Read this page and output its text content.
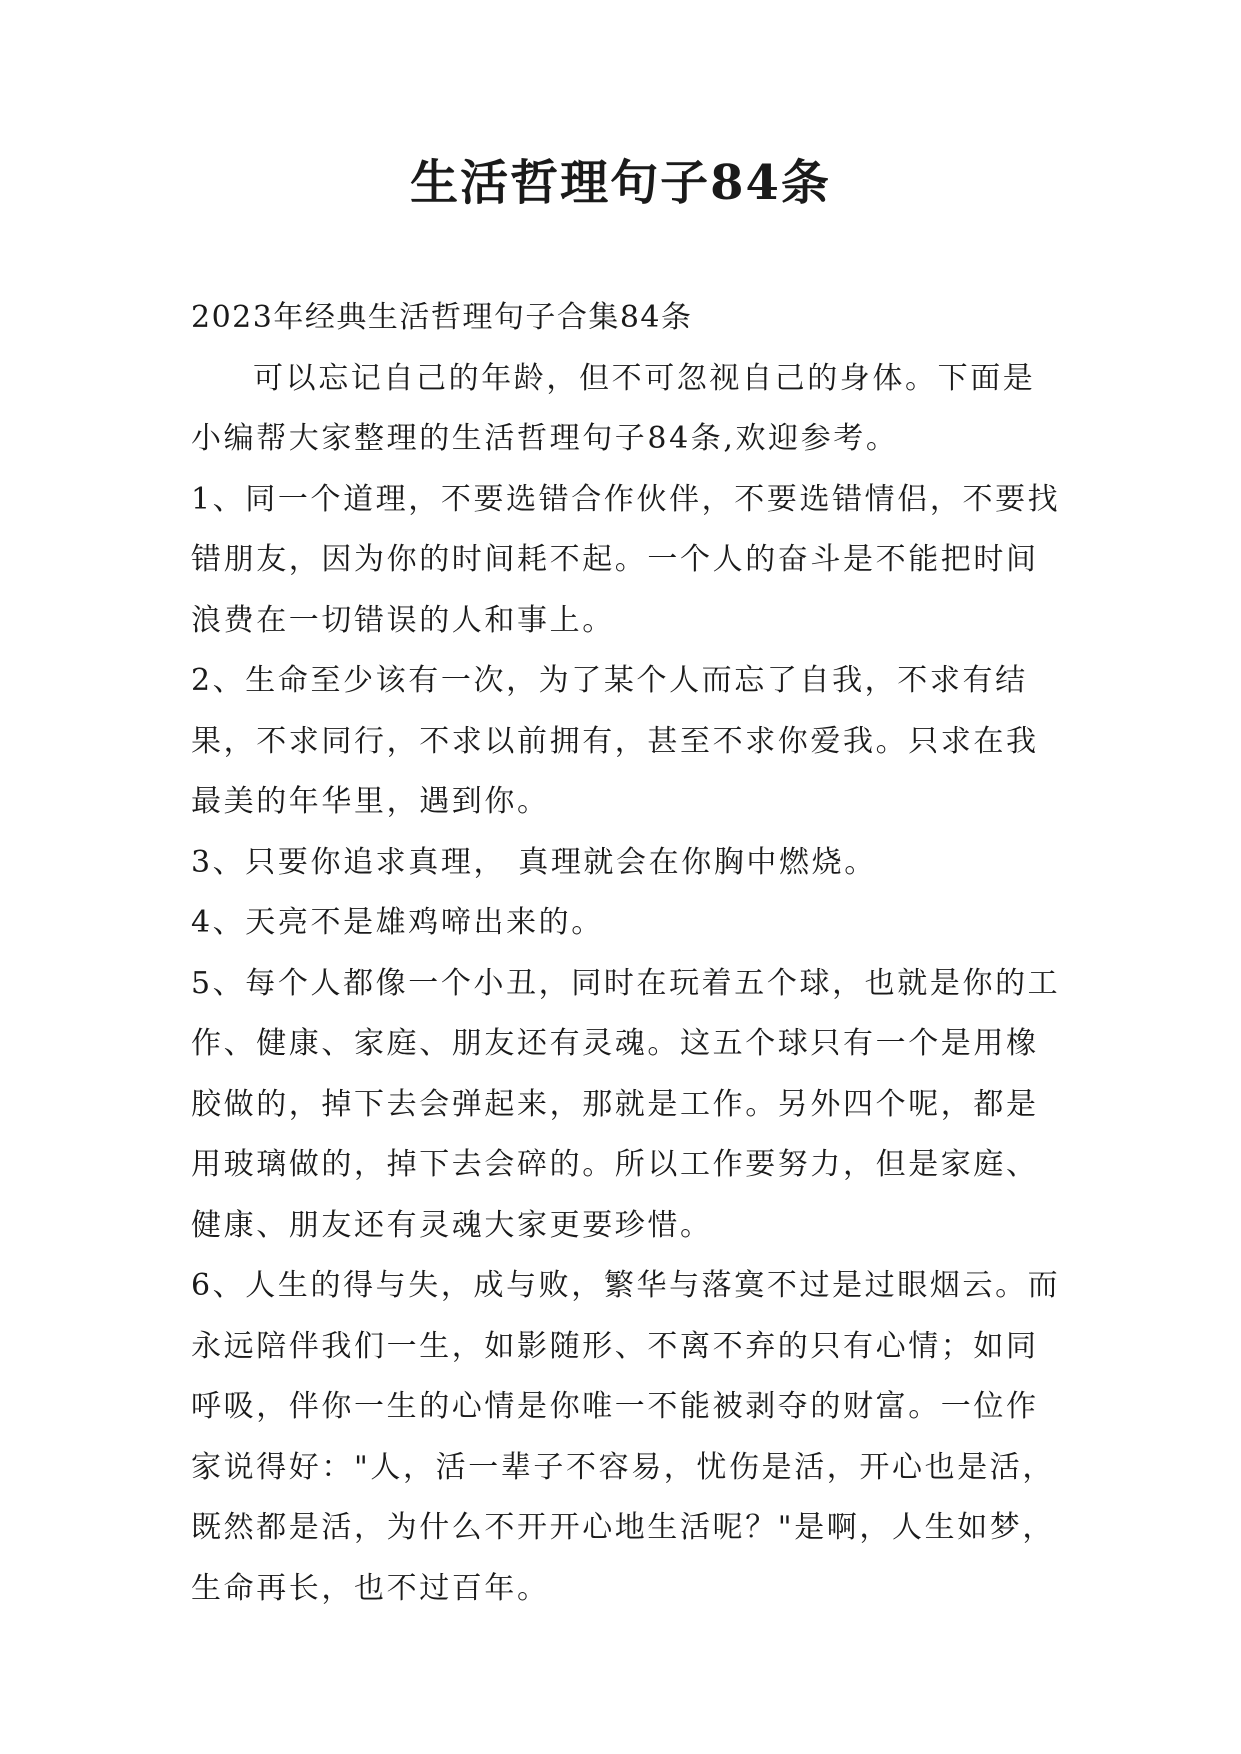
生活哲理句子84条

2023年经典生活哲理句子合集84条

可以忘记自己的年龄，但不可忽视自己的身体。下面是小编帮大家整理的生活哲理句子84条,欢迎参考。

1、同一个道理，不要选错合作伙伴，不要选错情侣，不要找错朋友，因为你的时间耗不起。一个人的奋斗是不能把时间浪费在一切错误的人和事上。

2、生命至少该有一次，为了某个人而忘了自我，不求有结果，不求同行，不求以前拥有，甚至不求你爱我。只求在我最美的年华里，遇到你。

3、只要你追求真理， 真理就会在你胸中燃烧。

4、天亮不是雄鸡啼出来的。

5、每个人都像一个小丑，同时在玩着五个球，也就是你的工作、健康、家庭、朋友还有灵魂。这五个球只有一个是用橡胶做的，掉下去会弹起来，那就是工作。另外四个呢，都是用玻璃做的，掉下去会碎的。所以工作要努力，但是家庭、健康、朋友还有灵魂大家更要珍惜。

6、人生的得与失，成与败，繁华与落寞不过是过眼烟云。而永远陪伴我们一生，如影随形、不离不弃的只有心情；如同呼吸，伴你一生的心情是你唯一不能被剥夺的财富。一位作家说得好："人，活一辈子不容易，忧伤是活，开心也是活，既然都是活，为什么不开开心地生活呢？"是啊，人生如梦，生命再长，也不过百年。
